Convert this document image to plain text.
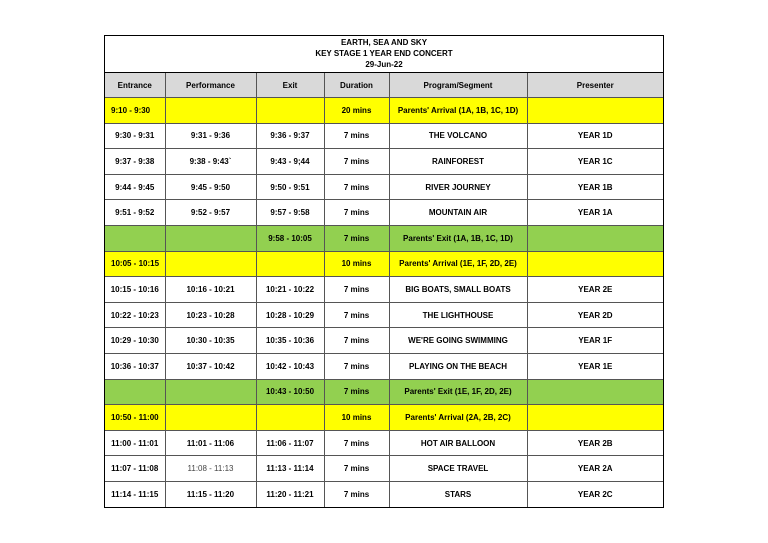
EARTH, SEA AND SKY
KEY STAGE 1 YEAR END CONCERT
29-Jun-22
Entrance	Performance	Exit	Duration	Program/Segment	Presenter
9:10 - 9:30			20 mins	Parents' Arrival (1A, 1B, 1C, 1D)	
9:30 - 9:31	9:31 - 9:36	9:36 - 9:37	7 mins	THE VOLCANO	YEAR 1D
9:37 - 9:38	9:38 - 9:43`	9:43 - 9;44	7 mins	RAINFOREST	YEAR 1C
9:44 - 9:45	9:45 - 9:50	9:50 - 9:51	7 mins	RIVER JOURNEY	YEAR 1B
9:51 - 9:52	9:52 - 9:57	9:57 - 9:58	7 mins	MOUNTAIN AIR	YEAR 1A
		9:58 - 10:05	7 mins	Parents' Exit (1A, 1B, 1C, 1D)	
10:05 - 10:15			10 mins	Parents' Arrival (1E, 1F, 2D, 2E)	
10:15 - 10:16	10:16 - 10:21	10:21 - 10:22	7 mins	BIG BOATS, SMALL BOATS	YEAR 2E
10:22 - 10:23	10:23 - 10:28	10:28 - 10:29	7 mins	THE LIGHTHOUSE	YEAR 2D
10:29 - 10:30	10:30 - 10:35	10:35 - 10:36	7 mins	WE'RE GOING SWIMMING	YEAR 1F
10:36 - 10:37	10:37 - 10:42	10:42 - 10:43	7 mins	PLAYING ON THE BEACH	YEAR 1E
		10:43 - 10:50	7 mins	Parents' Exit (1E, 1F, 2D, 2E)	
10:50 - 11:00			10 mins	Parents' Arrival (2A, 2B, 2C)	
11:00 - 11:01	11:01 - 11:06	11:06 - 11:07	7 mins	HOT AIR BALLOON	YEAR 2B
11:07 - 11:08	11:08 - 11:13	11:13 - 11:14	7 mins	SPACE TRAVEL	YEAR 2A
11:14 - 11:15	11:15 - 11:20	11:20 - 11:21	7 mins	STARS	YEAR 2C
